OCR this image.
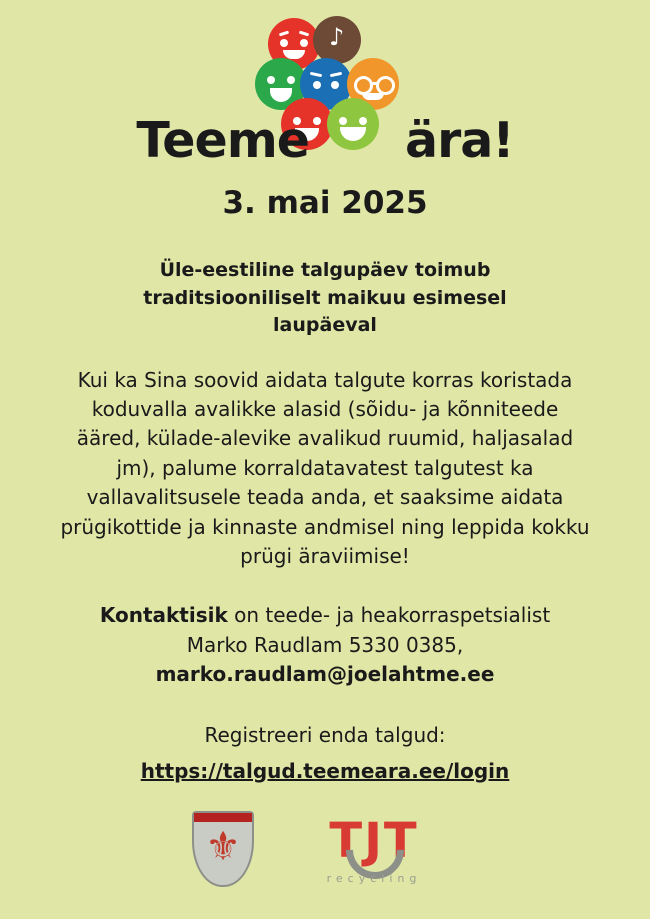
♪
Teeme ära!
3. mai 2025
Üle-eestiline talgupäev toimub traditsiooniliselt maikuu esimesel laupäeval
Kui ka Sina soovid aidata talgute korras koristada koduvalla avalikke alasid (sõidu- ja kõnniteede ääred, külade-alevike avalikud ruumid, haljasalad jm), palume korraldatavatest talgutest ka vallavalitsusele teada anda, et saaksime aidata prügikottide ja kinnaste andmisel ning leppida kokku prügi äraviimise!
Kontaktisik on teede- ja heakorraspetsialist
Marko Raudlam 5330 0385,
marko.raudlam@joelahtme.ee
Registreeri enda talgud:
https://talgud.teemeara.ee/login
⚜	TJT
recycling
